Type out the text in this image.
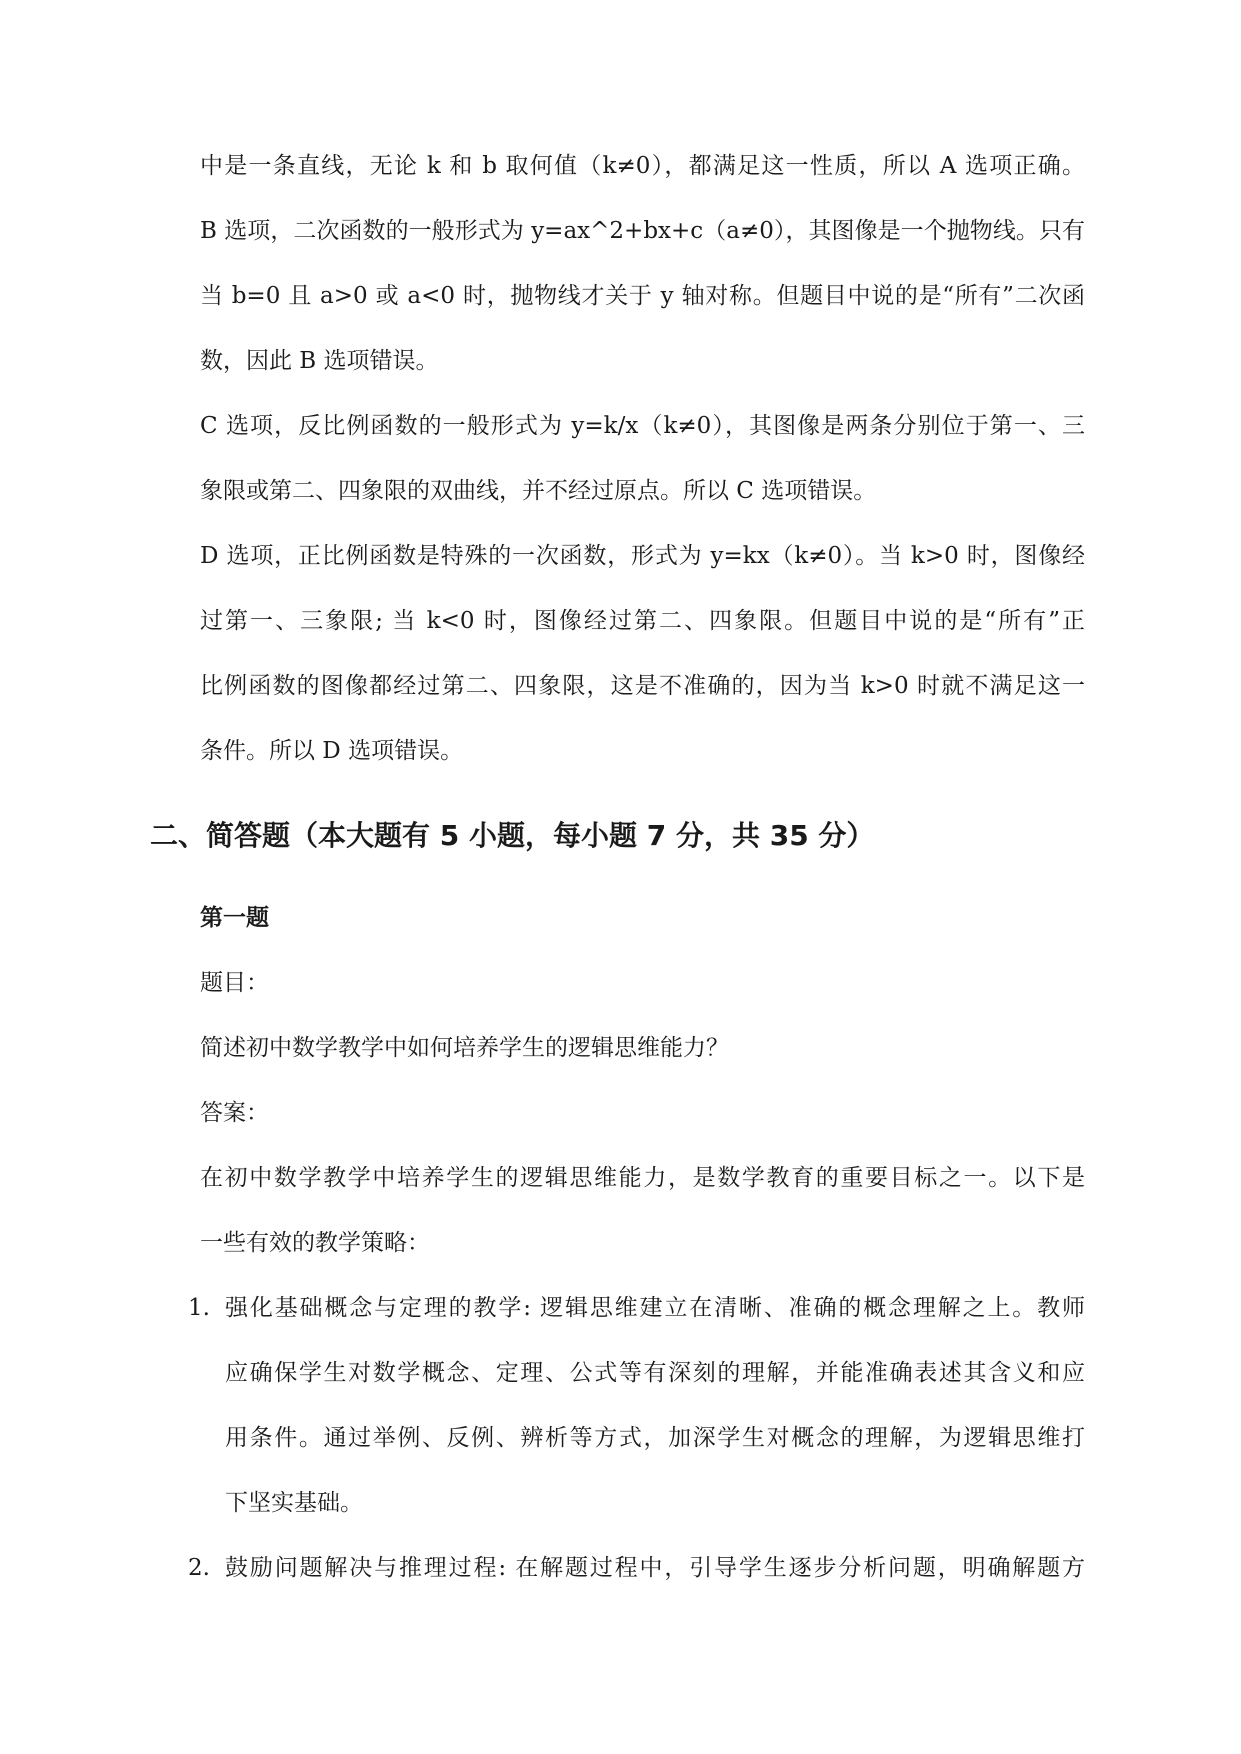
中是一条直线，无论 k 和 b 取何值（k≠0），都满足这一性质，所以 A 选项正确。
B 选项，二次函数的一般形式为 y=ax^2+bx+c（a≠0），其图像是一个抛物线。只有
当 b=0 且 a>0 或 a<0 时，抛物线才关于 y 轴对称。但题目中说的是“所有”二次函
数，因此 B 选项错误。
C 选项，反比例函数的一般形式为 y=k/x（k≠0），其图像是两条分别位于第一、三
象限或第二、四象限的双曲线，并不经过原点。所以 C 选项错误。
D 选项，正比例函数是特殊的一次函数，形式为 y=kx（k≠0）。当 k>0 时，图像经
过第一、三象限; 当 k<0 时，图像经过第二、四象限。但题目中说的是“所有”正
比例函数的图像都经过第二、四象限，这是不准确的，因为当 k>0 时就不满足这一
条件。所以 D 选项错误。
二、简答题（本大题有 5 小题，每小题 7 分，共 35 分）
第一题
题目：
简述初中数学教学中如何培养学生的逻辑思维能力？
答案：
在初中数学教学中培养学生的逻辑思维能力，是数学教育的重要目标之一。以下是
一些有效的教学策略：
1. 强化基础概念与定理的教学: 逻辑思维建立在清晰、准确的概念理解之上。教师
应确保学生对数学概念、定理、公式等有深刻的理解，并能准确表述其含义和应
用条件。通过举例、反例、辨析等方式，加深学生对概念的理解，为逻辑思维打
下坚实基础。
2. 鼓励问题解决与推理过程: 在解题过程中，引导学生逐步分析问题，明确解题方
